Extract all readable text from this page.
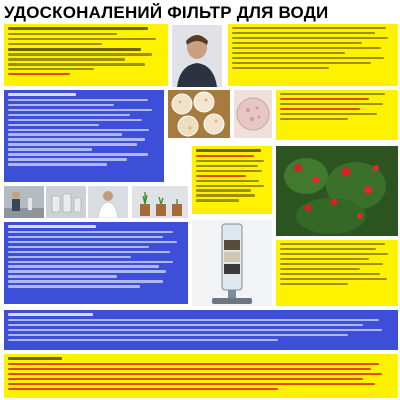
УДОСКОНАЛЕНИЙ ФІЛЬТР ДЛЯ ВОДИ
